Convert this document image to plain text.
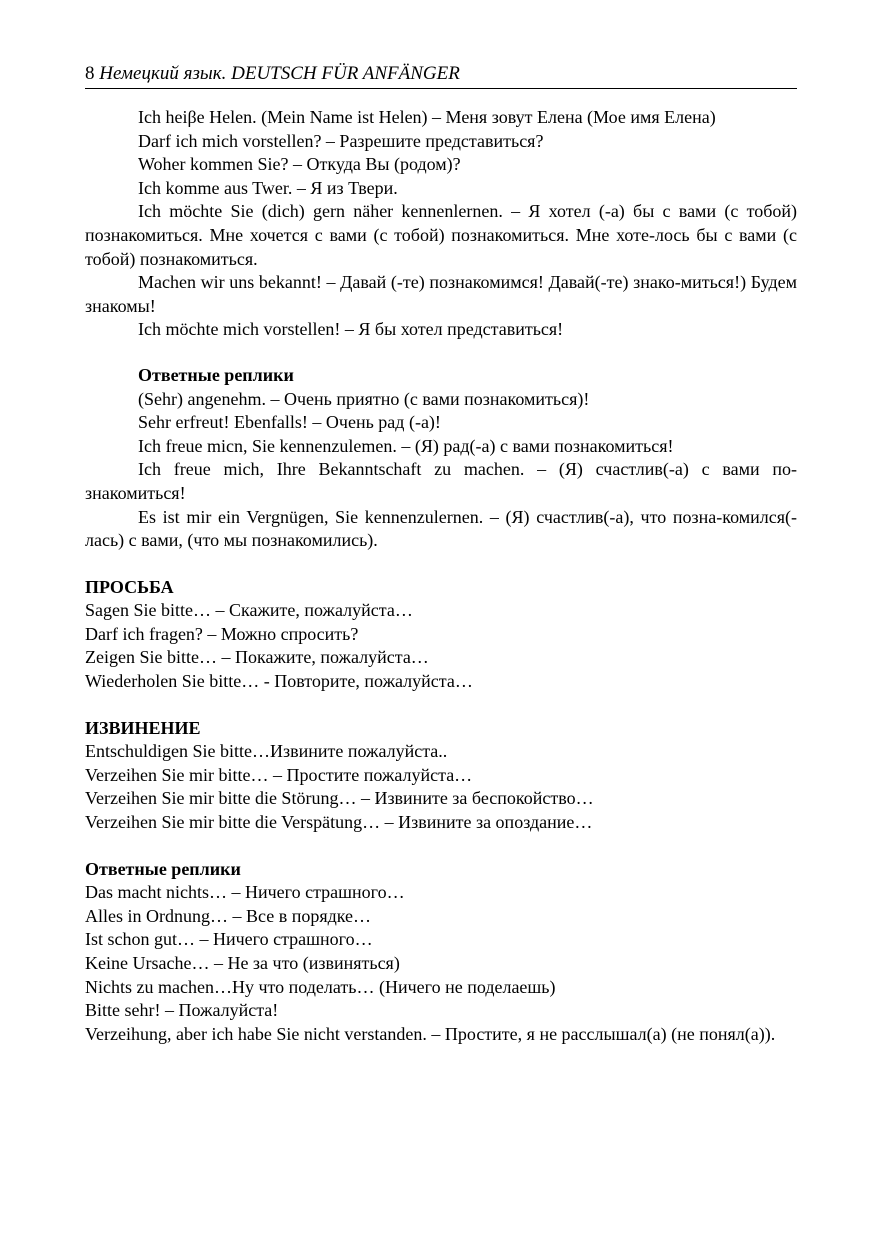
8 Немецкий язык. DEUTSCH FÜR ANFÄNGER

Ich heiβe Helen. (Mein Name ist Helen) – Меня зовут Елена (Мое имя Елена)

Darf ich mich vorstellen? – Разрешите представиться?

Woher kommen Sie? – Откуда Вы (родом)?

Ich komme aus Twer. – Я из Твери.

Ich möchte Sie (dich) gern näher kennenlernen. – Я хотел (-а) бы с вами (с тобой) познакомиться. Мне хочется с вами (с тобой) познакомиться. Мне хоте-лось бы с вами (с тобой) познакомиться.

Machen wir uns bekannt! – Давай (-те) познакомимся! Давай(-те) знако-миться!) Будем знакомы!

Ich möchte mich vorstellen! – Я бы хотел представиться!

Ответные реплики

(Sehr) angenehm. – Очень приятно (с вами познакомиться)!

Sehr erfreut! Ebenfalls! – Очень рад (-а)!

Ich freue micn, Sie kennenzulemen. – (Я) рад(-а) с вами познакомиться!

Ich freue mich, Ihre Bekanntschaft zu machen. – (Я) счастлив(-а) с вами по-знакомиться!

Es ist mir ein Vergnügen, Sie kennenzulernen. – (Я) счастлив(-а), что позна-комился(-лась) с вами, (что мы познакомились).

ПРОСЬБА

Sagen Sie bitte… – Скажите, пожалуйста…

Darf ich fragen? – Можно спросить?

Zeigen Sie bitte… – Покажите, пожалуйста…

Wiederholen Sie bitte… - Повторите, пожалуйста…

ИЗВИНЕНИЕ

Entschuldigen Sie bitte…Извините пожалуйста..

Verzeihen Sie mir bitte… – Простите пожалуйста…

Verzeihen Sie mir bitte die Störung… – Извините за беспокойство…

Verzeihen Sie mir bitte die Verspätung… – Извините за опоздание…

Ответные реплики

Das macht nichts… – Ничего страшного…

Alles in Ordnung… – Все в порядке…

Ist schon gut… – Ничего страшного…

Keine Ursache… – Не за что (извиняться)

Nichts zu machen…Ну что поделать… (Ничего не поделаешь)

Bitte sehr! – Пожалуйста!

Verzeihung, aber ich habe Sie nicht verstanden. – Простите, я не расслышал(а) (не понял(а)).
